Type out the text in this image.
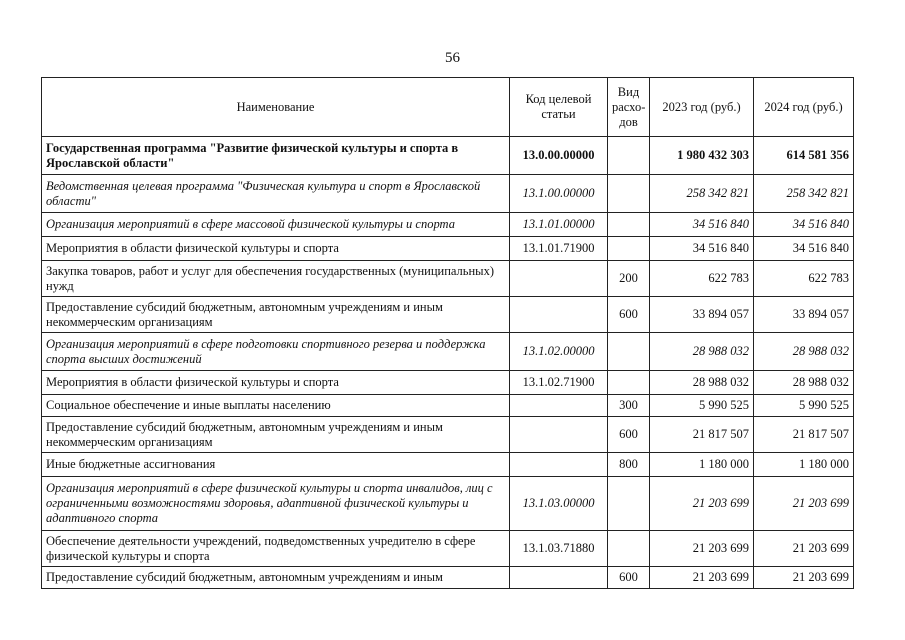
56
Наименование	Код целевой статьи	Вид расхо- дов	2023 год (руб.)	2024 год (руб.)
Государственная программа "Развитие физической культуры и спорта в Ярославской области"	13.0.00.00000		1 980 432 303	614 581 356
Ведомственная целевая программа "Физическая культура и спорт в Ярославской области"	13.1.00.00000		258 342 821	258 342 821
Организация мероприятий в сфере массовой физической культуры и спорта	13.1.01.00000		34 516 840	34 516 840
Мероприятия в области физической культуры и спорта	13.1.01.71900		34 516 840	34 516 840
Закупка товаров, работ и услуг для обеспечения государственных (муниципальных) нужд		200	622 783	622 783
Предоставление субсидий бюджетным, автономным учреждениям и иным некоммерческим организациям		600	33 894 057	33 894 057
Организация мероприятий в сфере подготовки спортивного резерва и поддержка спорта высших достижений	13.1.02.00000		28 988 032	28 988 032
Мероприятия в области физической культуры и спорта	13.1.02.71900		28 988 032	28 988 032
Социальное обеспечение и иные выплаты населению		300	5 990 525	5 990 525
Предоставление субсидий бюджетным, автономным учреждениям и иным некоммерческим организациям		600	21 817 507	21 817 507
Иные бюджетные ассигнования		800	1 180 000	1 180 000
Организация мероприятий в сфере физической культуры и спорта инвалидов, лиц с ограниченными возможностями здоровья, адаптивной физической культуры и адаптивного спорта	13.1.03.00000		21 203 699	21 203 699
Обеспечение деятельности учреждений, подведомственных учредителю в сфере физической культуры и спорта	13.1.03.71880		21 203 699	21 203 699
Предоставление субсидий бюджетным, автономным учреждениям и иным		600	21 203 699	21 203 699
